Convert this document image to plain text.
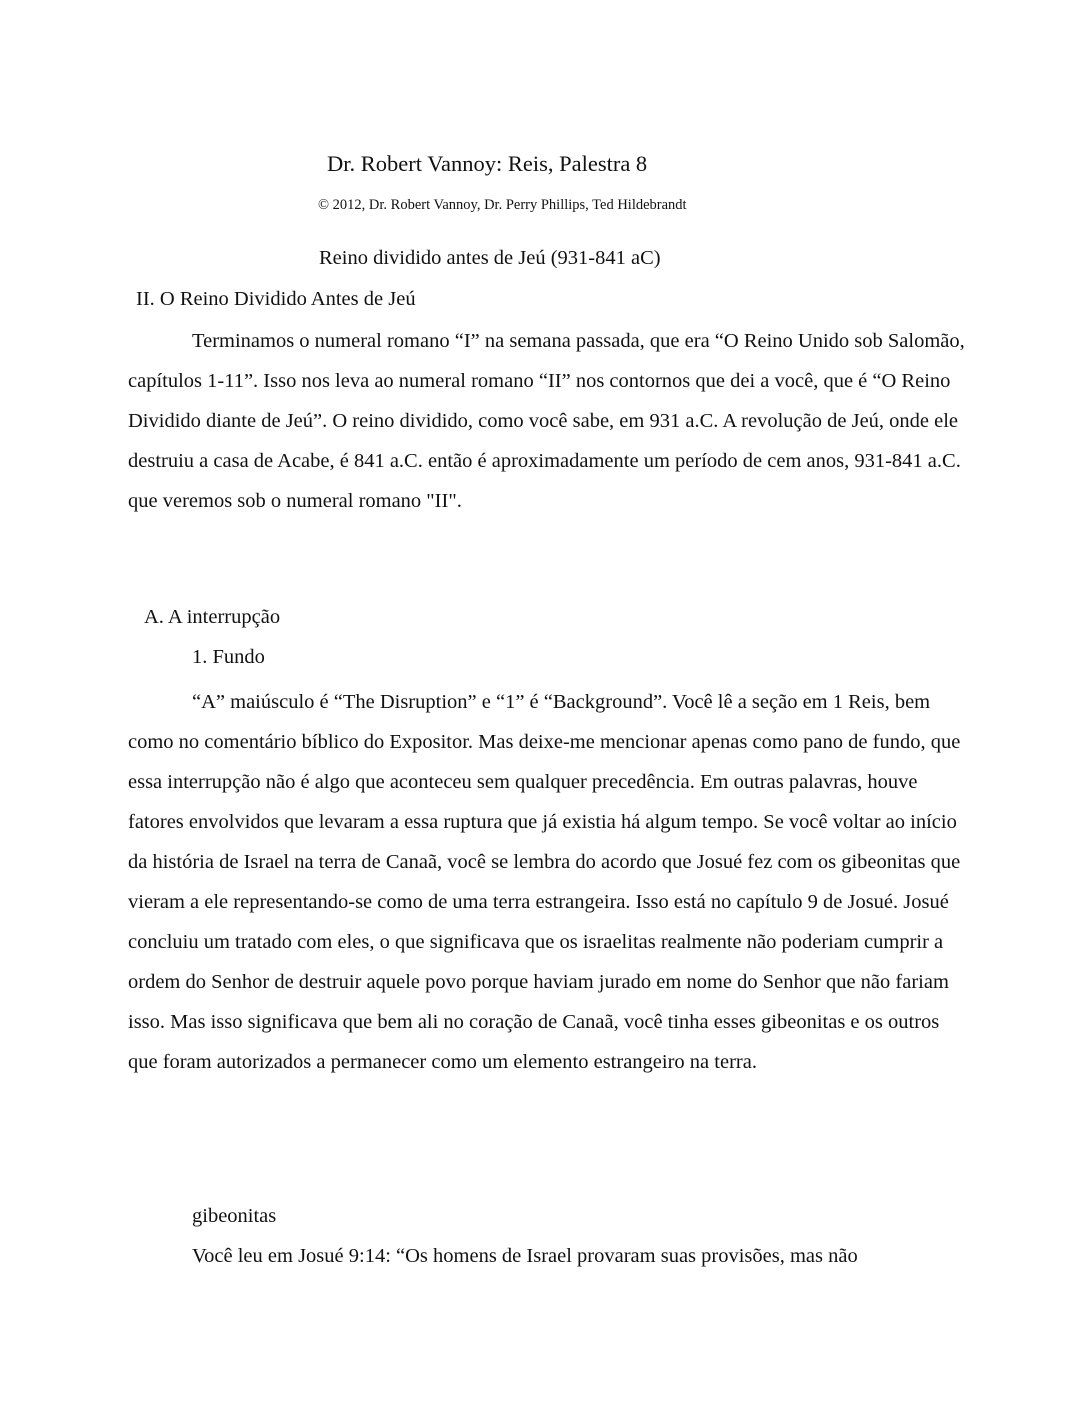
Dr. Robert Vannoy: Reis, Palestra 8
© 2012, Dr. Robert Vannoy, Dr. Perry Phillips, Ted Hildebrandt
Reino dividido antes de Jeú (931-841 aC)
II. O Reino Dividido Antes de Jeú
Terminamos o numeral romano “I” na semana passada, que era “O Reino Unido sob Salomão, capítulos 1-11”. Isso nos leva ao numeral romano “II” nos contornos que dei a você, que é “O Reino Dividido diante de Jeú”. O reino dividido, como você sabe, em 931 a.C. A revolução de Jeú, onde ele destruiu a casa de Acabe, é 841 a.C. então é aproximadamente um período de cem anos, 931-841 a.C. que veremos sob o numeral romano "II".
A. A interrupção
1. Fundo
“A” maiúsculo é “The Disruption” e “1” é “Background”. Você lê a seção em 1 Reis, bem como no comentário bíblico do Expositor. Mas deixe-me mencionar apenas como pano de fundo, que essa interrupção não é algo que aconteceu sem qualquer precedência. Em outras palavras, houve fatores envolvidos que levaram a essa ruptura que já existia há algum tempo. Se você voltar ao início da história de Israel na terra de Canaã, você se lembra do acordo que Josué fez com os gibeonitas que vieram a ele representando-se como de uma terra estrangeira. Isso está no capítulo 9 de Josué. Josué concluiu um tratado com eles, o que significava que os israelitas realmente não poderiam cumprir a ordem do Senhor de destruir aquele povo porque haviam jurado em nome do Senhor que não fariam isso. Mas isso significava que bem ali no coração de Canaã, você tinha esses gibeonitas e os outros que foram autorizados a permanecer como um elemento estrangeiro na terra.
gibeonitas
Você leu em Josué 9:14: “Os homens de Israel provaram suas provisões, mas não
